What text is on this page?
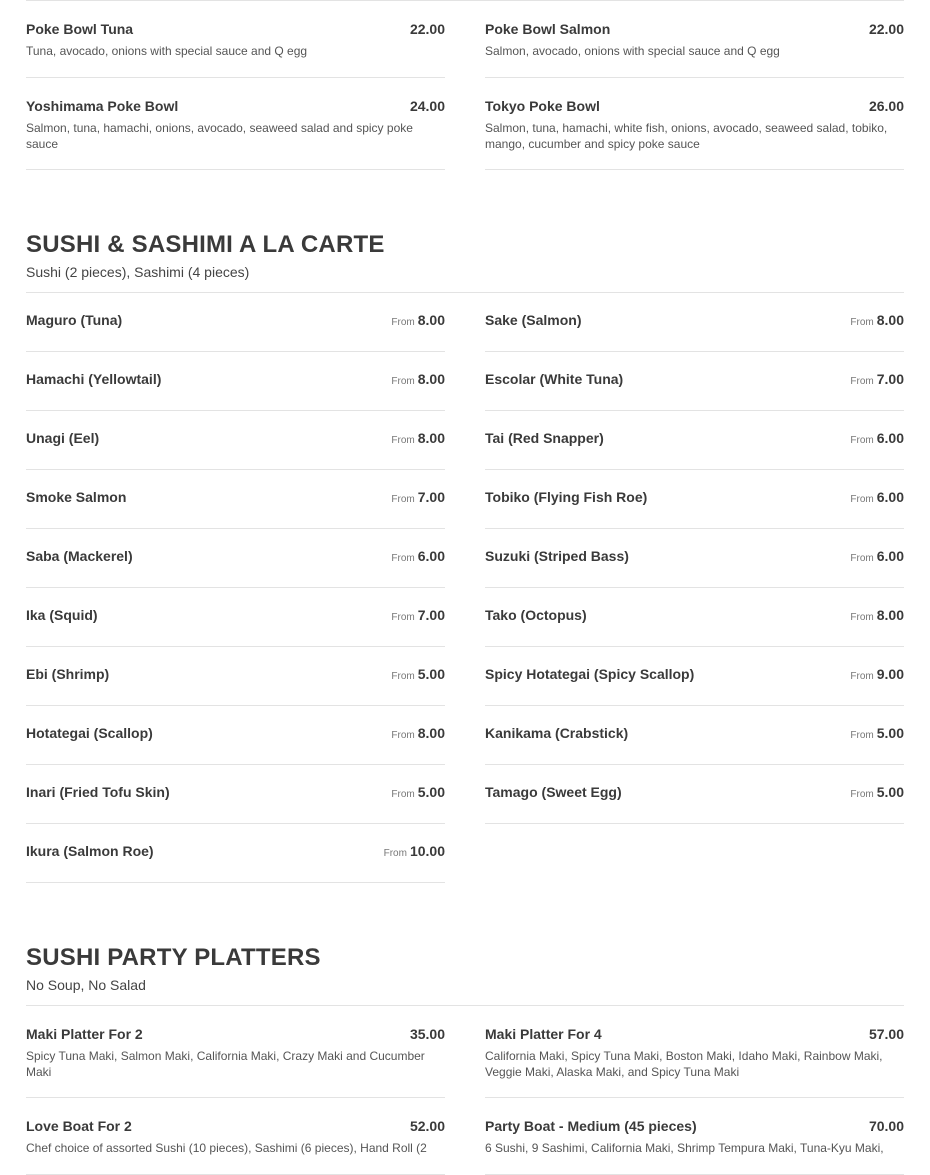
Poke Bowl Tuna	22.00
Tuna, avocado, onions with special sauce and Q egg
Yoshimama Poke Bowl	24.00
Salmon, tuna, hamachi, onions, avocado, seaweed salad and spicy poke sauce
Poke Bowl Salmon	22.00
Salmon, avocado, onions with special sauce and Q egg
Tokyo Poke Bowl	26.00
Salmon, tuna, hamachi, white fish, onions, avocado, seaweed salad, tobiko, mango, cucumber and spicy poke sauce
SUSHI & SASHIMI A LA CARTE
Sushi (2 pieces), Sashimi (4 pieces)
Maguro (Tuna)	From 8.00
Hamachi (Yellowtail)	From 8.00
Unagi (Eel)	From 8.00
Smoke Salmon	From 7.00
Saba (Mackerel)	From 6.00
Ika (Squid)	From 7.00
Ebi (Shrimp)	From 5.00
Hotategai (Scallop)	From 8.00
Inari (Fried Tofu Skin)	From 5.00
Ikura (Salmon Roe)	From 10.00
Sake (Salmon)	From 8.00
Escolar (White Tuna)	From 7.00
Tai (Red Snapper)	From 6.00
Tobiko (Flying Fish Roe)	From 6.00
Suzuki (Striped Bass)	From 6.00
Tako (Octopus)	From 8.00
Spicy Hotategai (Spicy Scallop)	From 9.00
Kanikama (Crabstick)	From 5.00
Tamago (Sweet Egg)	From 5.00
SUSHI PARTY PLATTERS
No Soup, No Salad
Maki Platter For 2	35.00
Spicy Tuna Maki, Salmon Maki, California Maki, Crazy Maki and Cucumber Maki
Love Boat For 2	52.00
Chef choice of assorted Sushi (10 pieces), Sashimi (6 pieces), Hand Roll (2
Maki Platter For 4	57.00
California Maki, Spicy Tuna Maki, Boston Maki, Idaho Maki, Rainbow Maki, Veggie Maki, Alaska Maki, and Spicy Tuna Maki
Party Boat - Medium (45 pieces)	70.00
6 Sushi, 9 Sashimi, California Maki, Shrimp Tempura Maki, Tuna-Kyu Maki,
